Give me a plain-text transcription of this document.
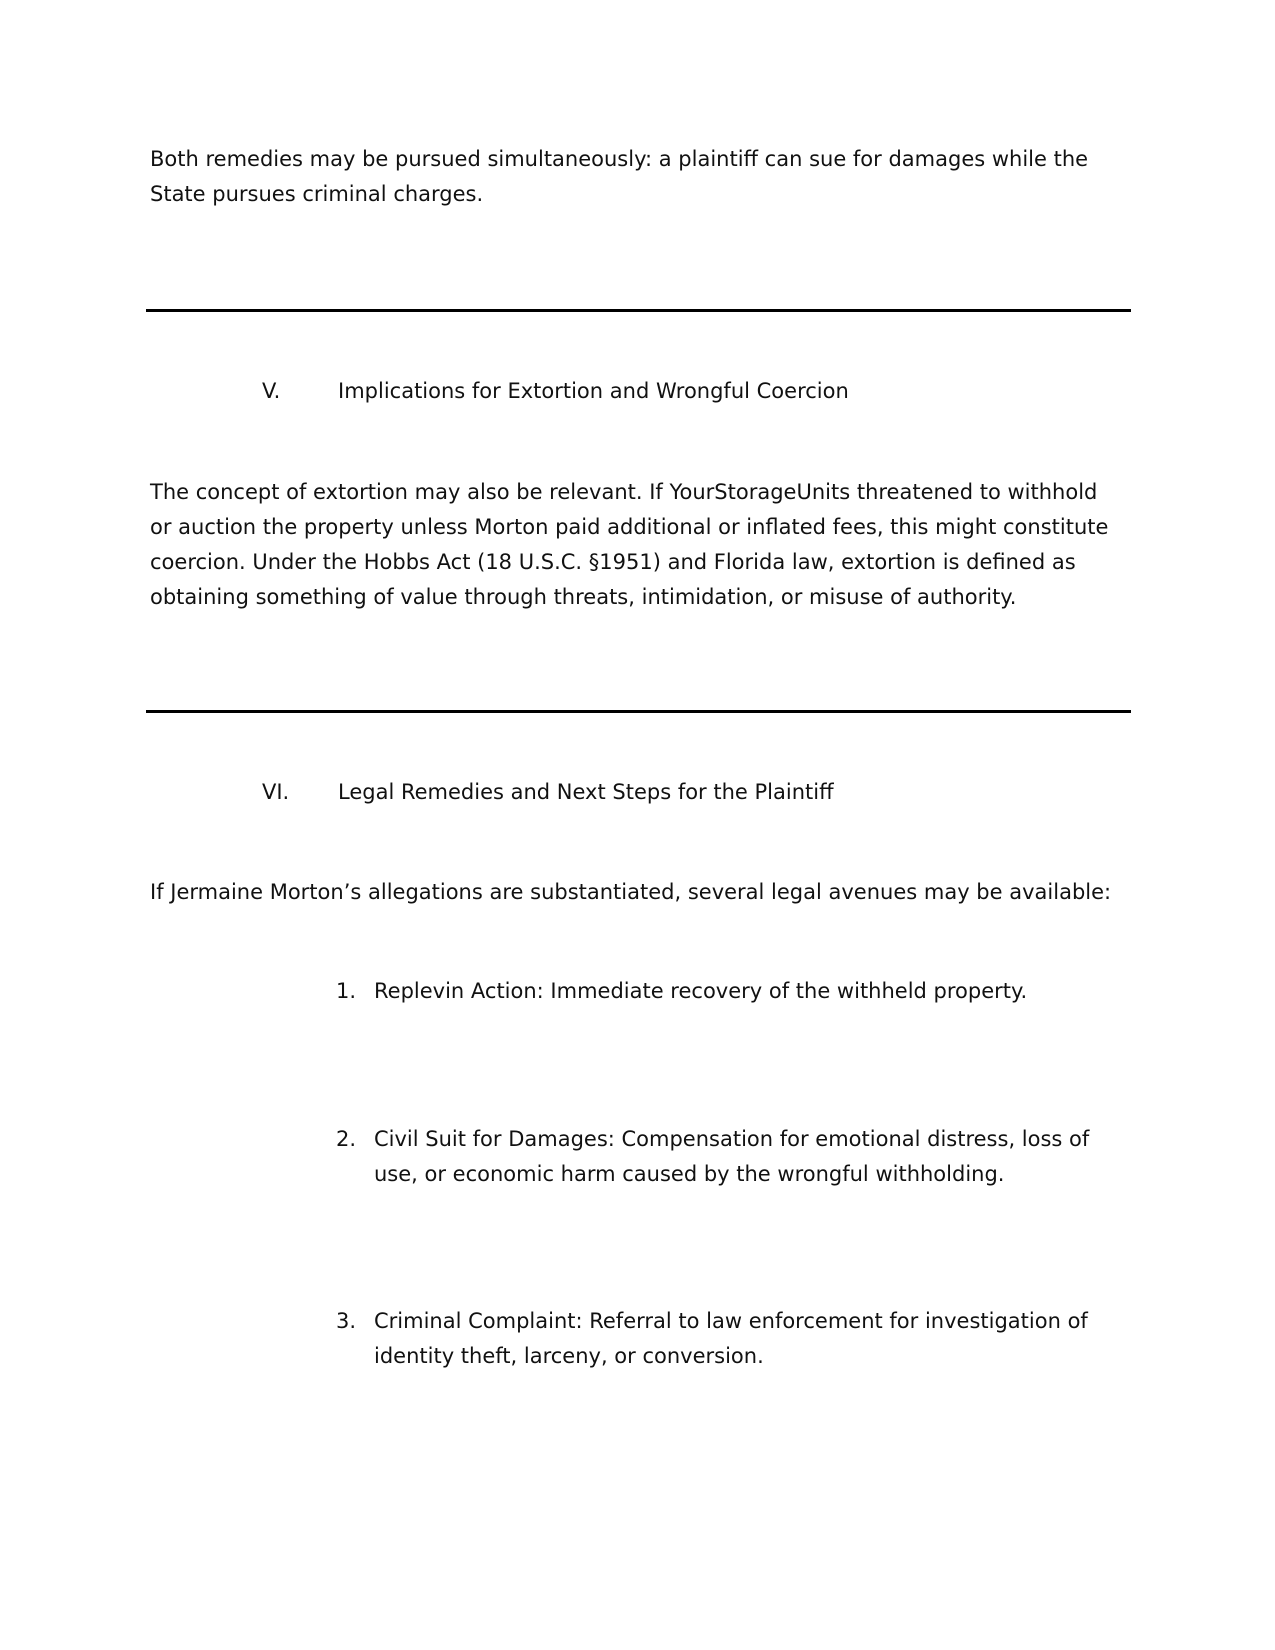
Both remedies may be pursued simultaneously: a plaintiff can sue for damages while the State pursues criminal charges.

V.	Implications for Extortion and Wrongful Coercion

The concept of extortion may also be relevant. If YourStorageUnits threatened to withhold or auction the property unless Morton paid additional or inflated fees, this might constitute coercion. Under the Hobbs Act (18 U.S.C. §1951) and Florida law, extortion is defined as obtaining something of value through threats, intimidation, or misuse of authority.

VI. Legal Remedies and Next Steps for the Plaintiff

If Jermaine Morton’s allegations are substantiated, several legal avenues may be available:

1. Replevin Action: Immediate recovery of the withheld property.
2. Civil Suit for Damages: Compensation for emotional distress, loss of use, or economic harm caused by the wrongful withholding.
3. Criminal Complaint: Referral to law enforcement for investigation of identity theft, larceny, or conversion.
